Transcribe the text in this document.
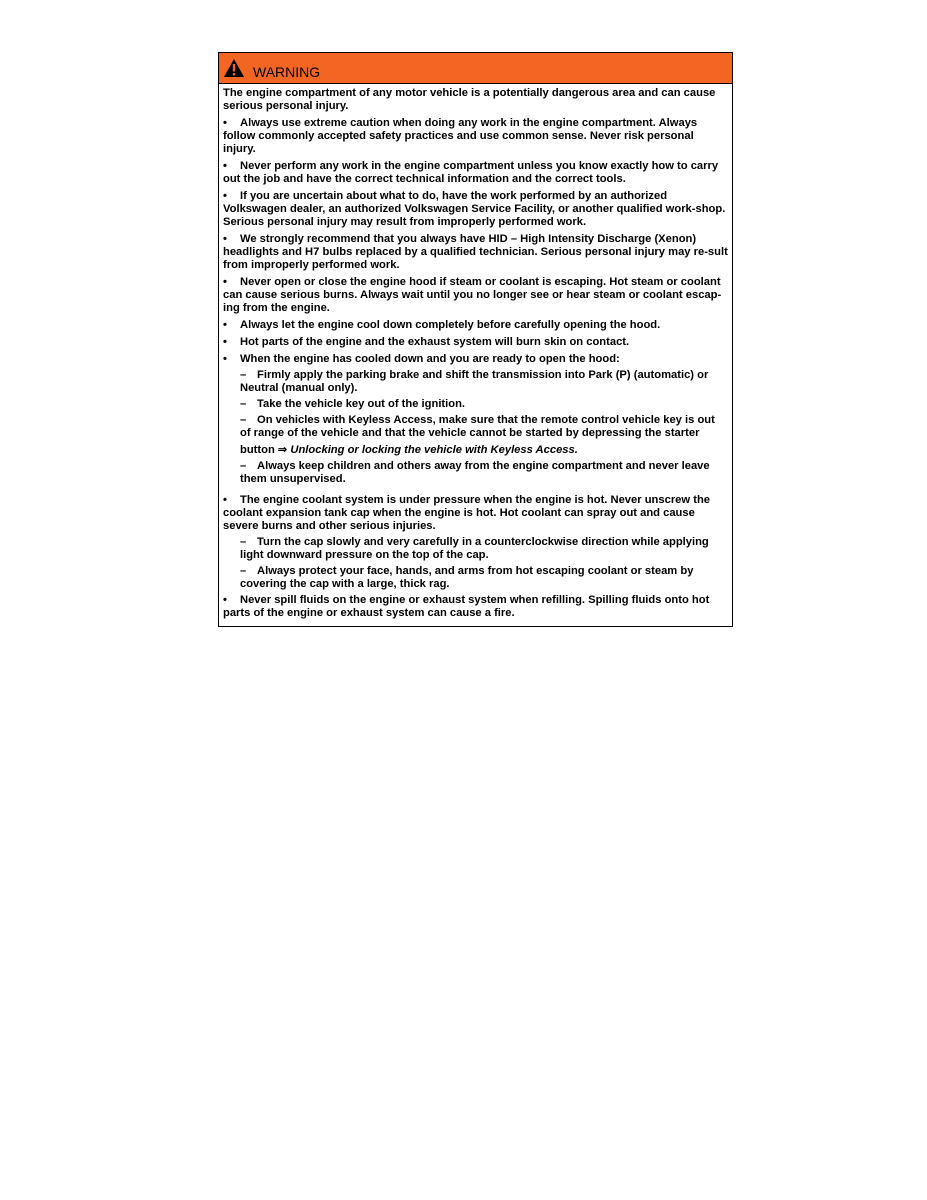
WARNING

The engine compartment of any motor vehicle is a potentially dangerous area and can cause serious personal injury.

• Always use extreme caution when doing any work in the engine compartment. Always follow commonly accepted safety practices and use common sense. Never risk personal injury.

• Never perform any work in the engine compartment unless you know exactly how to carry out the job and have the correct technical information and the correct tools.

• If you are uncertain about what to do, have the work performed by an authorized Volkswagen dealer, an authorized Volkswagen Service Facility, or another qualified work-shop. Serious personal injury may result from improperly performed work.

• We strongly recommend that you always have HID – High Intensity Discharge (Xenon) headlights and H7 bulbs replaced by a qualified technician. Serious personal injury may re-sult from improperly performed work.

• Never open or close the engine hood if steam or coolant is escaping. Hot steam or coolant can cause serious burns. Always wait until you no longer see or hear steam or coolant escap-ing from the engine.

• Always let the engine cool down completely before carefully opening the hood.

• Hot parts of the engine and the exhaust system will burn skin on contact.

• When the engine has cooled down and you are ready to open the hood:

– Firmly apply the parking brake and shift the transmission into Park (P) (automatic) or Neutral (manual only).

– Take the vehicle key out of the ignition.

– On vehicles with Keyless Access, make sure that the remote control vehicle key is out of range of the vehicle and that the vehicle cannot be started by depressing the starter

button ⇒ Unlocking or locking the vehicle with Keyless Access.

– Always keep children and others away from the engine compartment and never leave them unsupervised.

• The engine coolant system is under pressure when the engine is hot. Never unscrew the coolant expansion tank cap when the engine is hot. Hot coolant can spray out and cause severe burns and other serious injuries.

– Turn the cap slowly and very carefully in a counterclockwise direction while applying light downward pressure on the top of the cap.

– Always protect your face, hands, and arms from hot escaping coolant or steam by covering the cap with a large, thick rag.

• Never spill fluids on the engine or exhaust system when refilling. Spilling fluids onto hot parts of the engine or exhaust system can cause a fire.
